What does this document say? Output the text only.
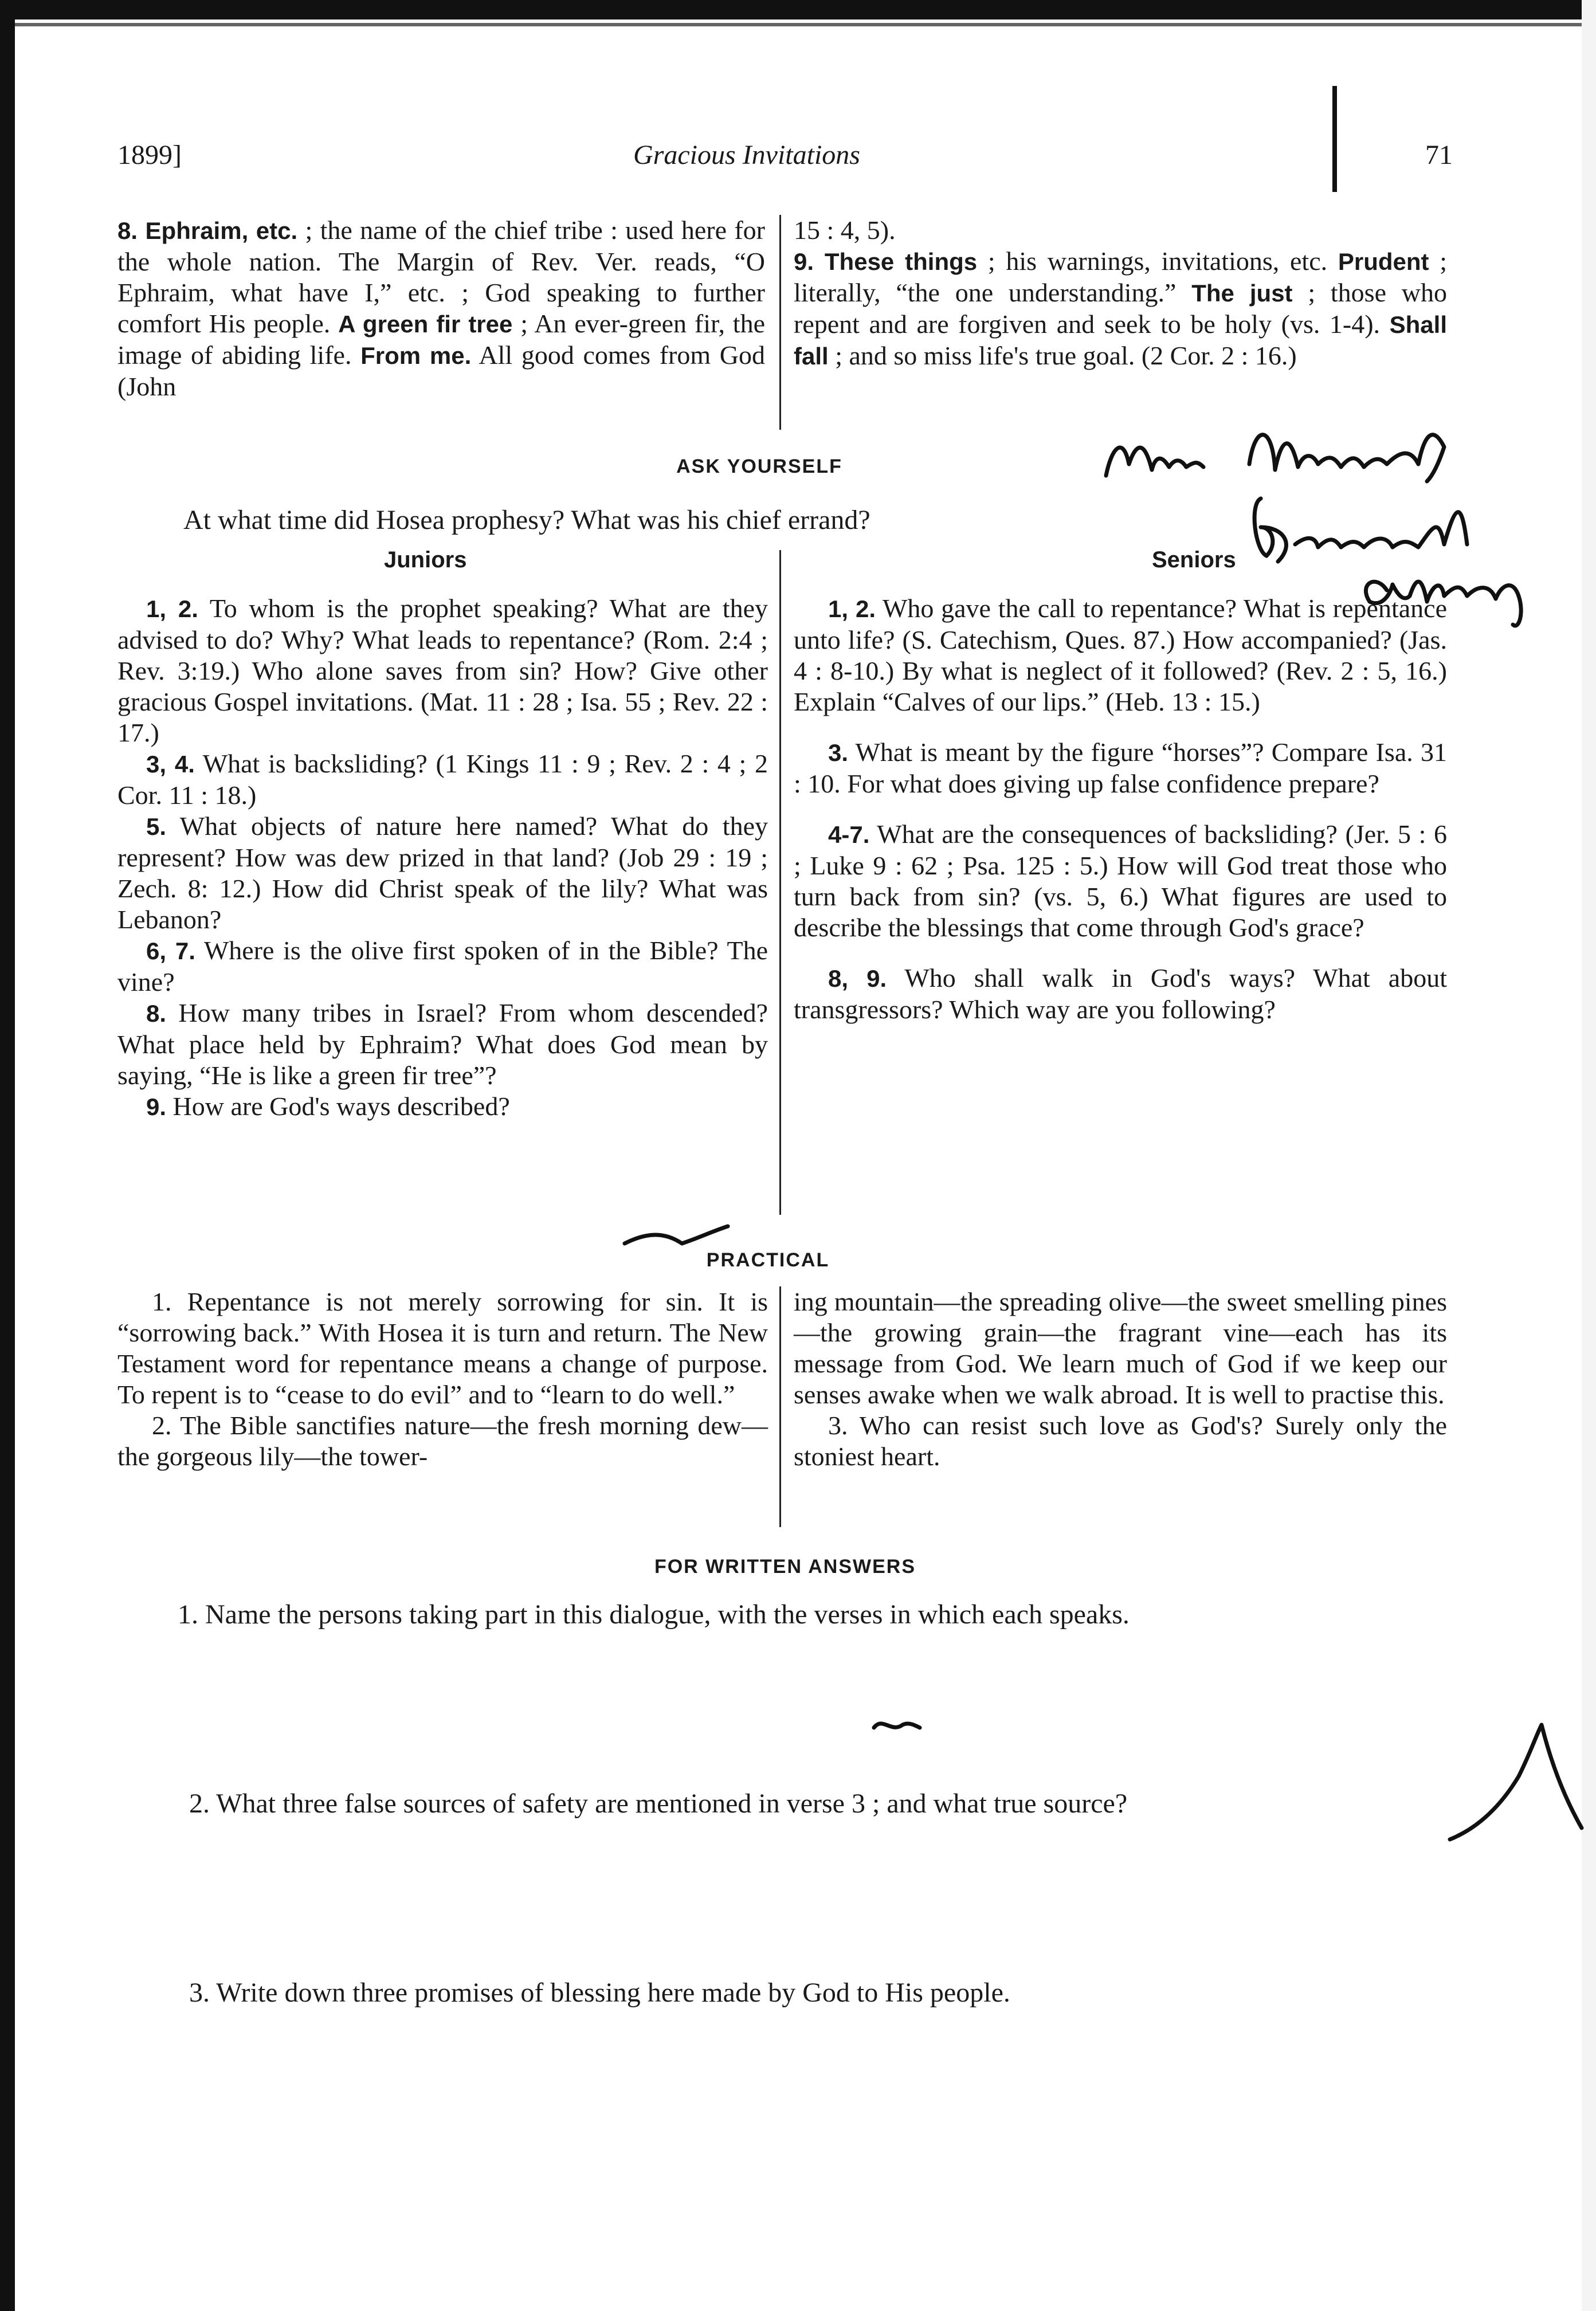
1899]	Gracious Invitations	71

8. Ephraim, etc. ; the name of the chief tribe : used here for the whole nation. The Margin of Rev. Ver. reads, “O Ephraim, what have I,” etc. ; God speaking to further comfort His people. A green fir tree ; An ever-green fir, the image of abiding life. From me. All good comes from God (John

15 : 4, 5).
9. These things ; his warnings, invitations, etc. Prudent ; literally, “the one understanding.” The just ; those who repent and are forgiven and seek to be holy (vs. 1-4). Shall fall ; and so miss life's true goal. (2 Cor. 2 : 16.)

ASK YOURSELF
At what time did Hosea prophesy? What was his chief errand?
Juniors	Seniors

1, 2. To whom is the prophet speaking? What are they advised to do? Why? What leads to repentance? (Rom. 2:4 ; Rev. 3:19.) Who alone saves from sin? How? Give other gracious Gospel invitations. (Mat. 11 : 28 ; Isa. 55 ; Rev. 22 : 17.)

3, 4. What is backsliding? (1 Kings 11 : 9 ; Rev. 2 : 4 ; 2 Cor. 11 : 18.)

5. What objects of nature here named? What do they represent? How was dew prized in that land? (Job 29 : 19 ; Zech. 8: 12.) How did Christ speak of the lily? What was Lebanon?

6, 7. Where is the olive first spoken of in the Bible? The vine?

8. How many tribes in Israel? From whom descended? What place held by Ephraim? What does God mean by saying, “He is like a green fir tree”?

9. How are God's ways described?

1, 2. Who gave the call to repentance? What is repentance unto life? (S. Catechism, Ques. 87.) How accompanied? (Jas. 4 : 8-10.) By what is neglect of it followed? (Rev. 2 : 5, 16.) Explain “Calves of our lips.” (Heb. 13 : 15.)

3. What is meant by the figure “horses”? Compare Isa. 31 : 10. For what does giving up false confidence prepare?

4-7. What are the consequences of backsliding? (Jer. 5 : 6 ; Luke 9 : 62 ; Psa. 125 : 5.) How will God treat those who turn back from sin? (vs. 5, 6.) What figures are used to describe the blessings that come through God's grace?

8, 9. Who shall walk in God's ways? What about transgressors? Which way are you following?

PRACTICAL

1. Repentance is not merely sorrowing for sin. It is “sorrowing back.” With Hosea it is turn and return. The New Testament word for repentance means a change of purpose. To repent is to “cease to do evil” and to “learn to do well.”

2. The Bible sanctifies nature—the fresh morning dew—the gorgeous lily—the tower-

ing mountain—the spreading olive—the sweet smelling pines—the growing grain—the fragrant vine—each has its message from God. We learn much of God if we keep our senses awake when we walk abroad. It is well to practise this.

3. Who can resist such love as God's? Surely only the stoniest heart.

FOR WRITTEN ANSWERS
1. Name the persons taking part in this dialogue, with the verses in which each speaks.
2. What three false sources of safety are mentioned in verse 3 ; and what true source?
3. Write down three promises of blessing here made by God to His people.
